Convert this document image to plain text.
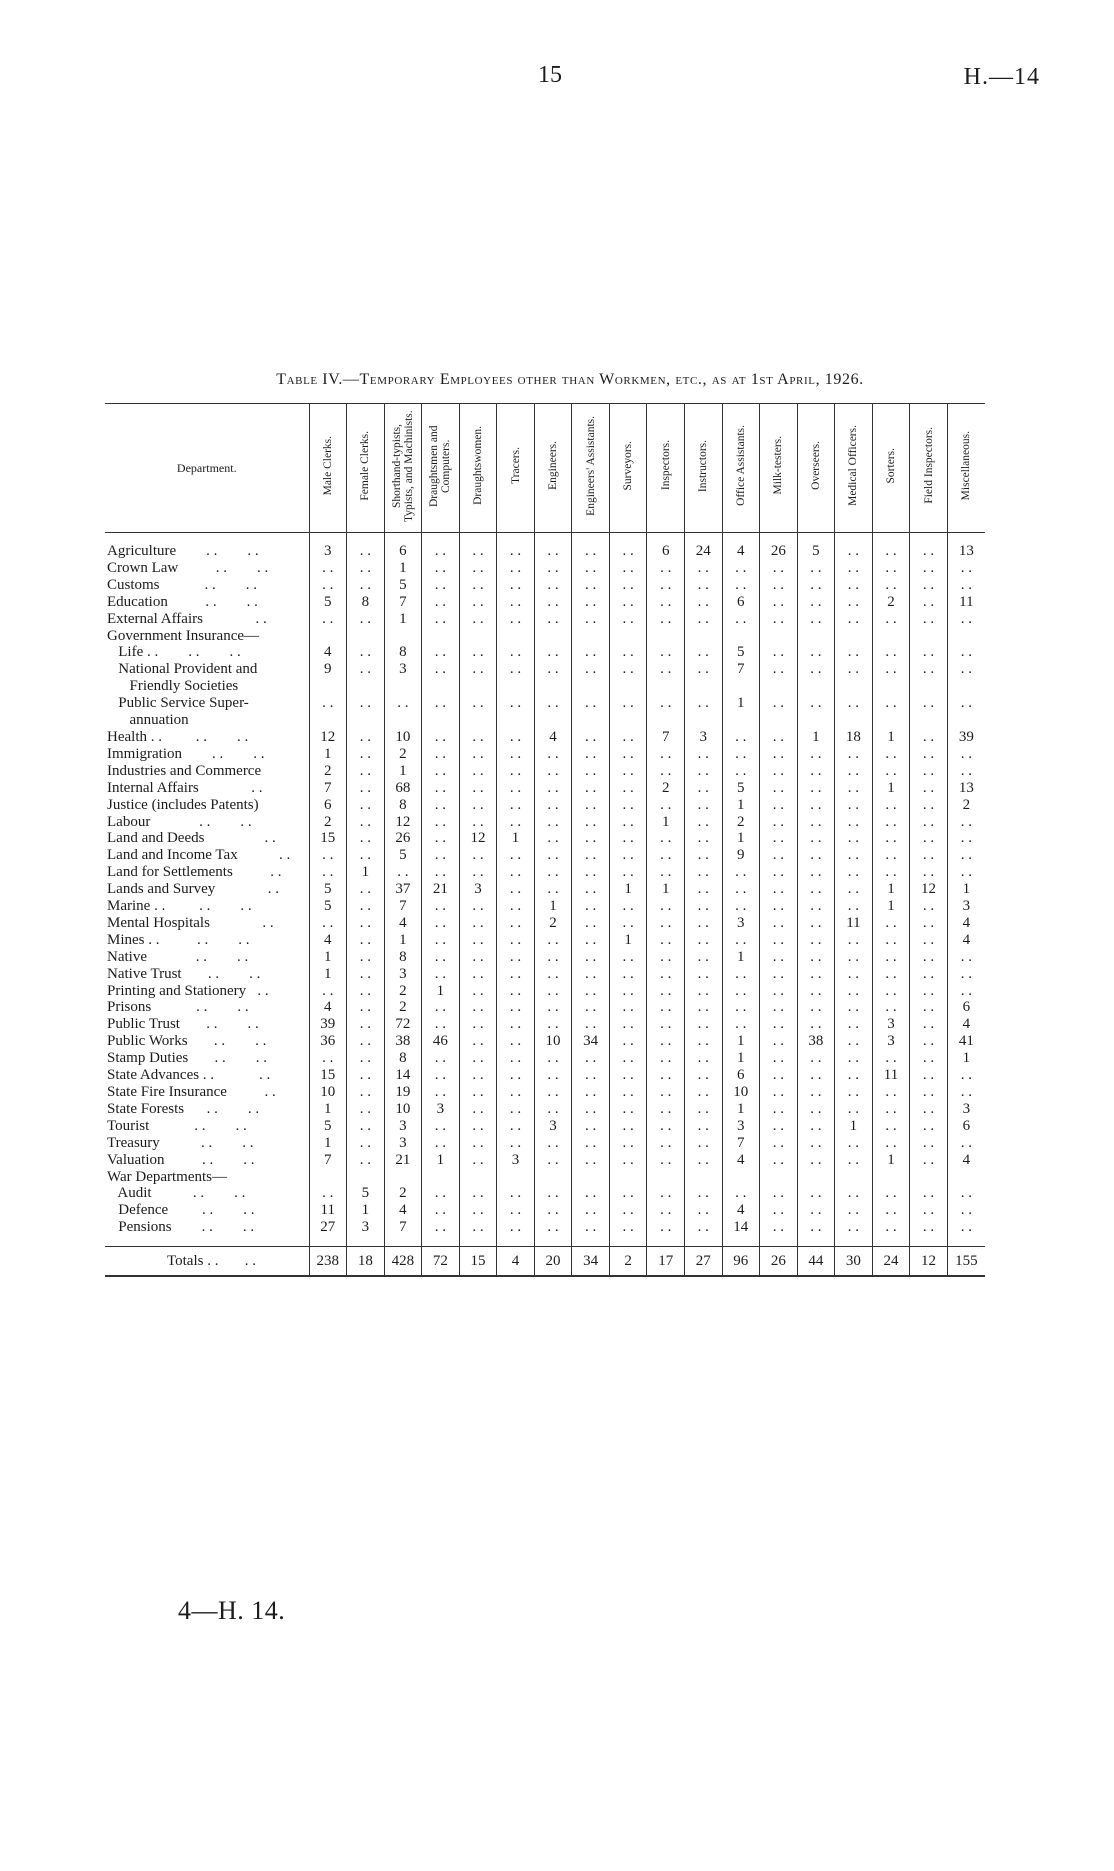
15	H.—14
Table IV.—Temporary Employees other than Workmen, etc., as at 1st April, 1926.
Department.	Male Clerks.	Female Clerks.	Shorthand-typists, Typists, and Machinists.	Draughtsmen and Computers.	Draughtswomen.	Tracers.	Engineers.	Engineers' Assistants.	Surveyors.	Inspectors.	Instructors.	Office Assistants.	Milk-testers.	Overseers.	Medical Officers.	Sorters.	Field Inspectors.	Miscellaneous.
Agriculture        . .        . .	3	. .	6	. .	. .	. .	. .	. .	. .	6	24	4	26	5	. .	. .	. .	13
Crown Law          . .        . .	. .	. .	1	. .	. .	. .	. .	. .	. .	. .	. .	. .	. .	. .	. .	. .	. .	. .
Customs            . .        . .	. .	. .	5	. .	. .	. .	. .	. .	. .	. .	. .	. .	. .	. .	. .	. .	. .	. .
Education          . .        . .	5	8	7	. .	. .	. .	. .	. .	. .	. .	. .	6	. .	. .	. .	2	. .	11
External Affairs              . .	. .	. .	1	. .	. .	. .	. .	. .	. .	. .	. .	. .	. .	. .	. .	. .	. .	. .
Government Insurance—																		
Life . .        . .        . .	4	. .	8	. .	. .	. .	. .	. .	. .	. .	. .	5	. .	. .	. .	. .	. .	. .
National Provident and	9	. .	3	. .	. .	. .	. .	. .	. .	. .	. .	7	. .	. .	. .	. .	. .	. .
Friendly Societies																		
Public Service Super-	. .	. .	. .	. .	. .	. .	. .	. .	. .	. .	. .	1	. .	. .	. .	. .	. .	. .
annuation																		
Health . .         . .        . .	12	. .	10	. .	. .	. .	4	. .	. .	7	3	. .	. .	1	18	1	. .	39
Immigration        . .        . .	1	. .	2	. .	. .	. .	. .	. .	. .	. .	. .	. .	. .	. .	. .	. .	. .	. .
Industries and Commerce	2	. .	1	. .	. .	. .	. .	. .	. .	. .	. .	. .	. .	. .	. .	. .	. .	. .
Internal Affairs              . .	7	. .	68	. .	. .	. .	. .	. .	. .	2	. .	5	. .	. .	. .	1	. .	13
Justice (includes Patents)	6	. .	8	. .	. .	. .	. .	. .	. .	. .	. .	1	. .	. .	. .	. .	. .	2
Labour             . .        . .	2	. .	12	. .	. .	. .	. .	. .	. .	1	. .	2	. .	. .	. .	. .	. .	. .
Land and Deeds                . .	15	. .	26	. .	12	1	. .	. .	. .	. .	. .	1	. .	. .	. .	. .	. .	. .
Land and Income Tax           . .	. .	. .	5	. .	. .	. .	. .	. .	. .	. .	. .	9	. .	. .	. .	. .	. .	. .
Land for Settlements          . .	. .	1	. .	. .	. .	. .	. .	. .	. .	. .	. .	. .	. .	. .	. .	. .	. .	. .
Lands and Survey              . .	5	. .	37	21	3	. .	. .	. .	1	1	. .	. .	. .	. .	. .	1	12	1
Marine . .         . .        . .	5	. .	7	. .	. .	. .	1	. .	. .	. .	. .	. .	. .	. .	. .	1	. .	3
Mental Hospitals              . .	. .	. .	4	. .	. .	. .	2	. .	. .	. .	. .	3	. .	. .	11	. .	. .	4
Mines . .          . .        . .	4	. .	1	. .	. .	. .	. .	. .	1	. .	. .	. .	. .	. .	. .	. .	. .	4
Native             . .        . .	1	. .	8	. .	. .	. .	. .	. .	. .	. .	. .	1	. .	. .	. .	. .	. .	. .
Native Trust       . .        . .	1	. .	3	. .	. .	. .	. .	. .	. .	. .	. .	. .	. .	. .	. .	. .	. .	. .
Printing and Stationery   . .	. .	. .	2	1	. .	. .	. .	. .	. .	. .	. .	. .	. .	. .	. .	. .	. .	. .
Prisons            . .        . .	4	. .	2	. .	. .	. .	. .	. .	. .	. .	. .	. .	. .	. .	. .	. .	. .	6
Public Trust       . .        . .	39	. .	72	. .	. .	. .	. .	. .	. .	. .	. .	. .	. .	. .	. .	3	. .	4
Public Works       . .        . .	36	. .	38	46	. .	. .	10	34	. .	. .	. .	1	. .	38	. .	3	. .	41
Stamp Duties       . .        . .	. .	. .	8	. .	. .	. .	. .	. .	. .	. .	. .	1	. .	. .	. .	. .	. .	1
State Advances . .            . .	15	. .	14	. .	. .	. .	. .	. .	. .	. .	. .	6	. .	. .	. .	11	. .	. .
State Fire Insurance          . .	10	. .	19	. .	. .	. .	. .	. .	. .	. .	. .	10	. .	. .	. .	. .	. .	. .
State Forests      . .        . .	1	. .	10	3	. .	. .	. .	. .	. .	. .	. .	1	. .	. .	. .	. .	. .	3
Tourist            . .        . .	5	. .	3	. .	. .	. .	3	. .	. .	. .	. .	3	. .	. .	1	. .	. .	6
Treasury           . .        . .	1	. .	3	. .	. .	. .	. .	. .	. .	. .	. .	7	. .	. .	. .	. .	. .	. .
Valuation          . .        . .	7	. .	21	1	. .	3	. .	. .	. .	. .	. .	4	. .	. .	. .	1	. .	4
War Departments—																		
Audit           . .        . .	. .	5	2	. .	. .	. .	. .	. .	. .	. .	. .	. .	. .	. .	. .	. .	. .	. .
Defence         . .        . .	11	1	4	. .	. .	. .	. .	. .	. .	. .	. .	4	. .	. .	. .	. .	. .	. .
Pensions        . .        . .	27	3	7	. .	. .	. .	. .	. .	. .	. .	. .	14	. .	. .	. .	. .	. .	. .
Totals . .       . .	238	18	428	72	15	4	20	34	2	17	27	96	26	44	30	24	12	155
4—H. 14.
